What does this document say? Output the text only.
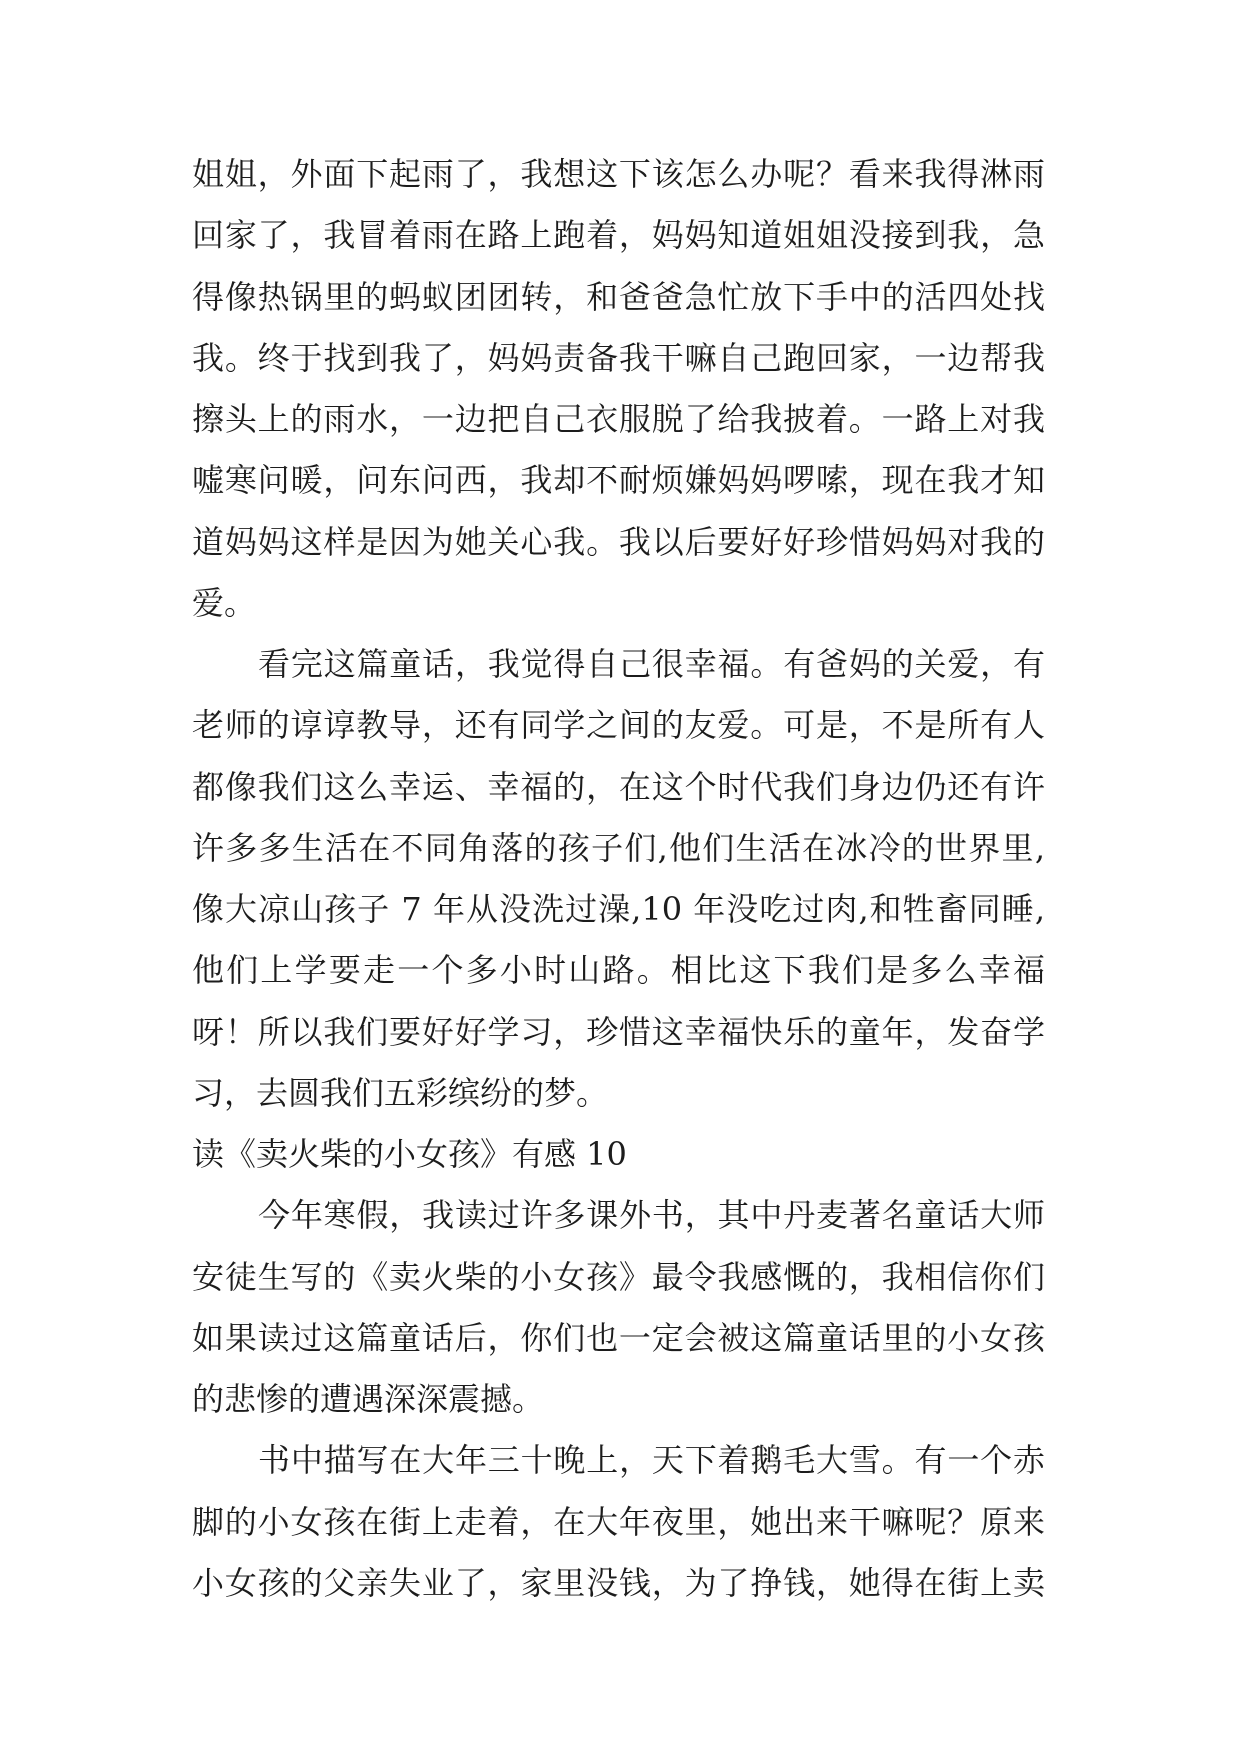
姐姐，外面下起雨了，我想这下该怎么办呢？看来我得淋雨
回家了，我冒着雨在路上跑着，妈妈知道姐姐没接到我，急
得像热锅里的蚂蚁团团转，和爸爸急忙放下手中的活四处找
我。终于找到我了，妈妈责备我干嘛自己跑回家，一边帮我
擦头上的雨水，一边把自己衣服脱了给我披着。一路上对我
嘘寒问暖，问东问西，我却不耐烦嫌妈妈啰嗦，现在我才知
道妈妈这样是因为她关心我。我以后要好好珍惜妈妈对我的
爱。
看完这篇童话，我觉得自己很幸福。有爸妈的关爱，有
老师的谆谆教导，还有同学之间的友爱。可是，不是所有人
都像我们这么幸运、幸福的，在这个时代我们身边仍还有许
许多多生活在不同角落的孩子们,他们生活在冰冷的世界里,
像大凉山孩子 7 年从没洗过澡,10 年没吃过肉,和牲畜同睡,
他们上学要走一个多小时山路。相比这下我们是多么幸福
呀！所以我们要好好学习，珍惜这幸福快乐的童年，发奋学
习，去圆我们五彩缤纷的梦。
读《卖火柴的小女孩》有感 10
今年寒假，我读过许多课外书，其中丹麦著名童话大师
安徒生写的《卖火柴的小女孩》最令我感慨的，我相信你们
如果读过这篇童话后，你们也一定会被这篇童话里的小女孩
的悲惨的遭遇深深震撼。
书中描写在大年三十晚上，天下着鹅毛大雪。有一个赤
脚的小女孩在街上走着，在大年夜里，她出来干嘛呢？原来
小女孩的父亲失业了，家里没钱，为了挣钱，她得在街上卖
